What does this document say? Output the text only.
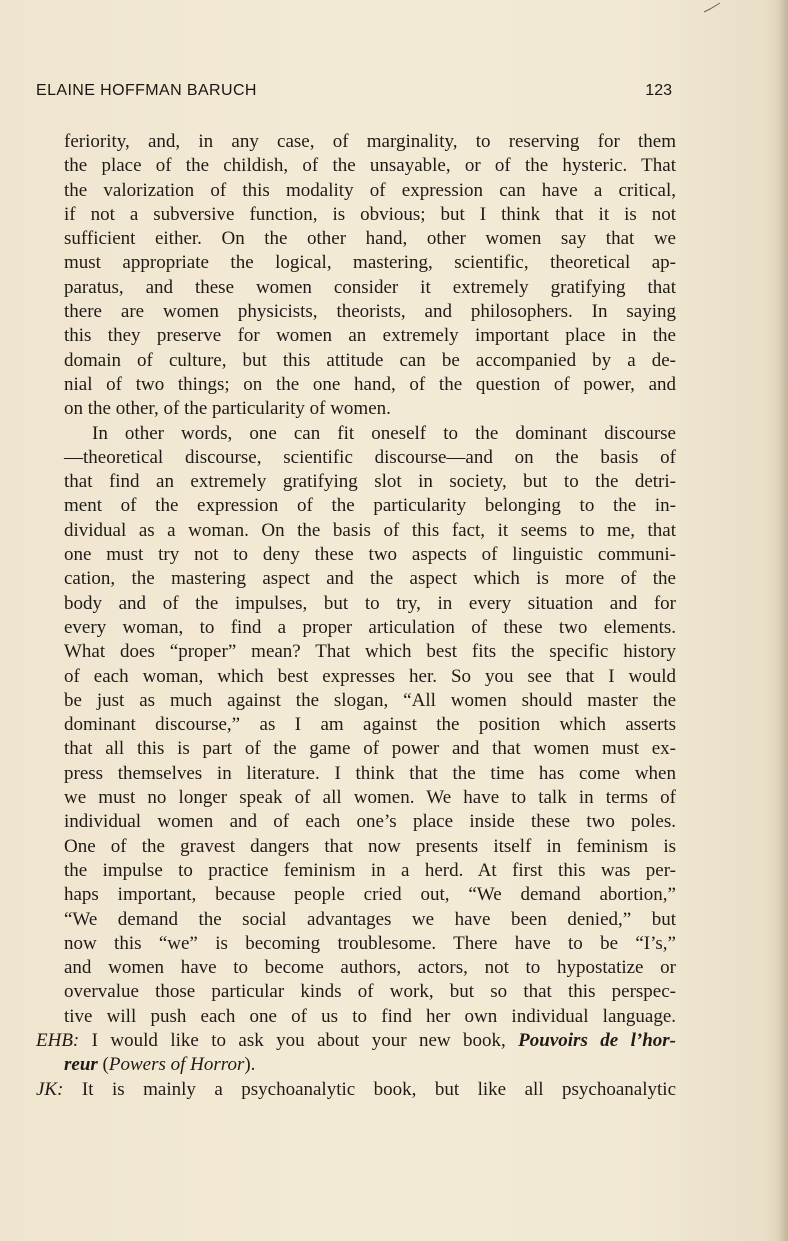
ELAINE HOFFMAN BARUCH	123
feriority, and, in any case, of marginality, to reserving for them
the place of the childish, of the unsayable, or of the hysteric. That
the valorization of this modality of expression can have a critical,
if not a subversive function, is obvious; but I think that it is not
sufficient either. On the other hand, other women say that we
must appropriate the logical, mastering, scientific, theoretical ap-
paratus, and these women consider it extremely gratifying that
there are women physicists, theorists, and philosophers. In saying
this they preserve for women an extremely important place in the
domain of culture, but this attitude can be accompanied by a de-
nial of two things; on the one hand, of the question of power, and
on the other, of the particularity of women.
In other words, one can fit oneself to the dominant discourse
—theoretical discourse, scientific discourse—and on the basis of
that find an extremely gratifying slot in society, but to the detri-
ment of the expression of the particularity belonging to the in-
dividual as a woman. On the basis of this fact, it seems to me, that
one must try not to deny these two aspects of linguistic communi-
cation, the mastering aspect and the aspect which is more of the
body and of the impulses, but to try, in every situation and for
every woman, to find a proper articulation of these two elements.
What does “proper” mean? That which best fits the specific history
of each woman, which best expresses her. So you see that I would
be just as much against the slogan, “All women should master the
dominant discourse,” as I am against the position which asserts
that all this is part of the game of power and that women must ex-
press themselves in literature. I think that the time has come when
we must no longer speak of all women. We have to talk in terms of
individual women and of each one’s place inside these two poles.
One of the gravest dangers that now presents itself in feminism is
the impulse to practice feminism in a herd. At first this was per-
haps important, because people cried out, “We demand abortion,”
“We demand the social advantages we have been denied,” but
now this “we” is becoming troublesome. There have to be “I’s,”
and women have to become authors, actors, not to hypostatize or
overvalue those particular kinds of work, but so that this perspec-
tive will push each one of us to find her own individual language.
EHB: I would like to ask you about your new book, Pouvoirs de l’hor-
reur (Powers of Horror).
JK: It is mainly a psychoanalytic book, but like all psychoanalytic
